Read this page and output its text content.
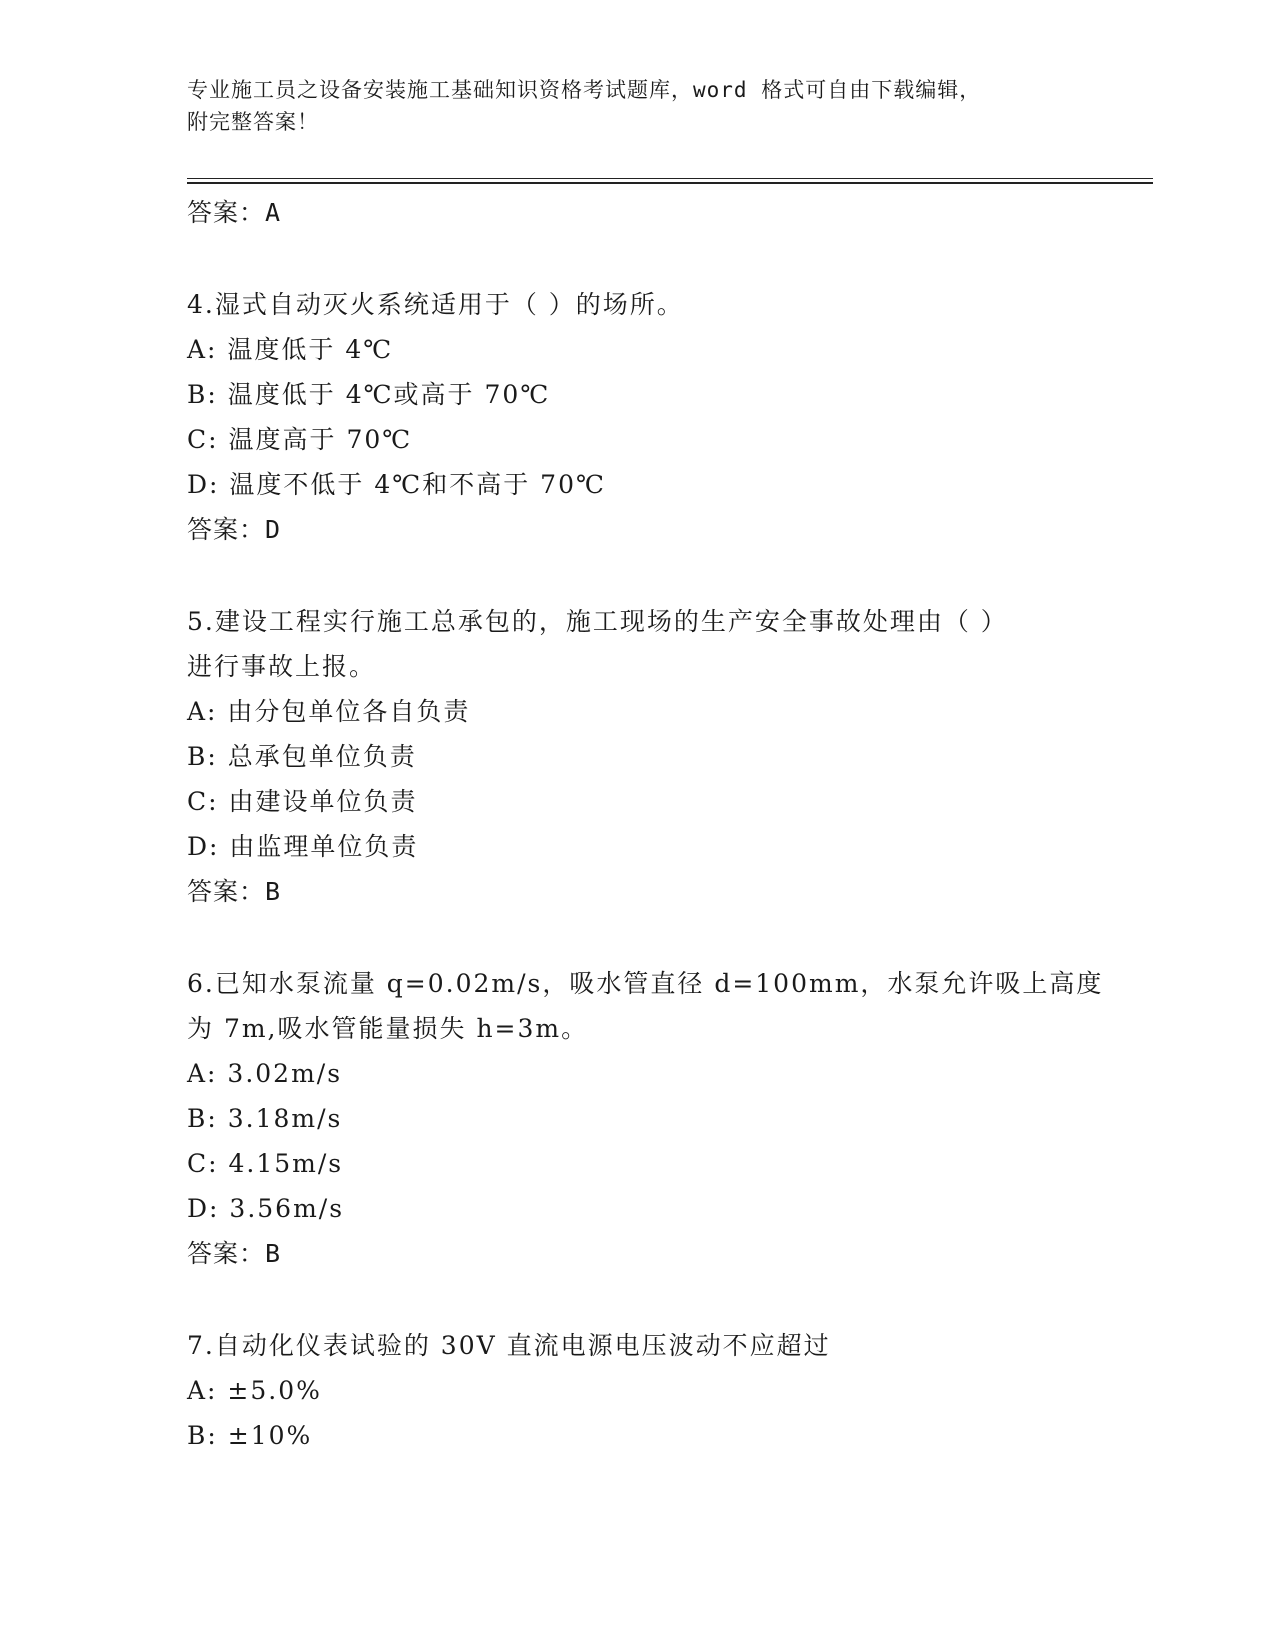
专业施工员之设备安装施工基础知识资格考试题库，word 格式可自由下载编辑，
附完整答案！
答案：A
4.湿式自动灭火系统适用于（ ）的场所。
A: 温度低于 4℃
B: 温度低于 4℃或高于 70℃
C: 温度高于 70℃
D: 温度不低于 4℃和不高于 70℃
答案：D
5.建设工程实行施工总承包的，施工现场的生产安全事故处理由（ ）
进行事故上报。
A: 由分包单位各自负责
B: 总承包单位负责
C: 由建设单位负责
D: 由监理单位负责
答案：B
6.已知水泵流量 q=0.02m/s，吸水管直径 d=100mm，水泵允许吸上高度
为 7m,吸水管能量损失 h=3m。
A: 3.02m/s
B: 3.18m/s
C: 4.15m/s
D: 3.56m/s
答案：B
7.自动化仪表试验的 30V 直流电源电压波动不应超过
A: ±5.0%
B: ±10%
